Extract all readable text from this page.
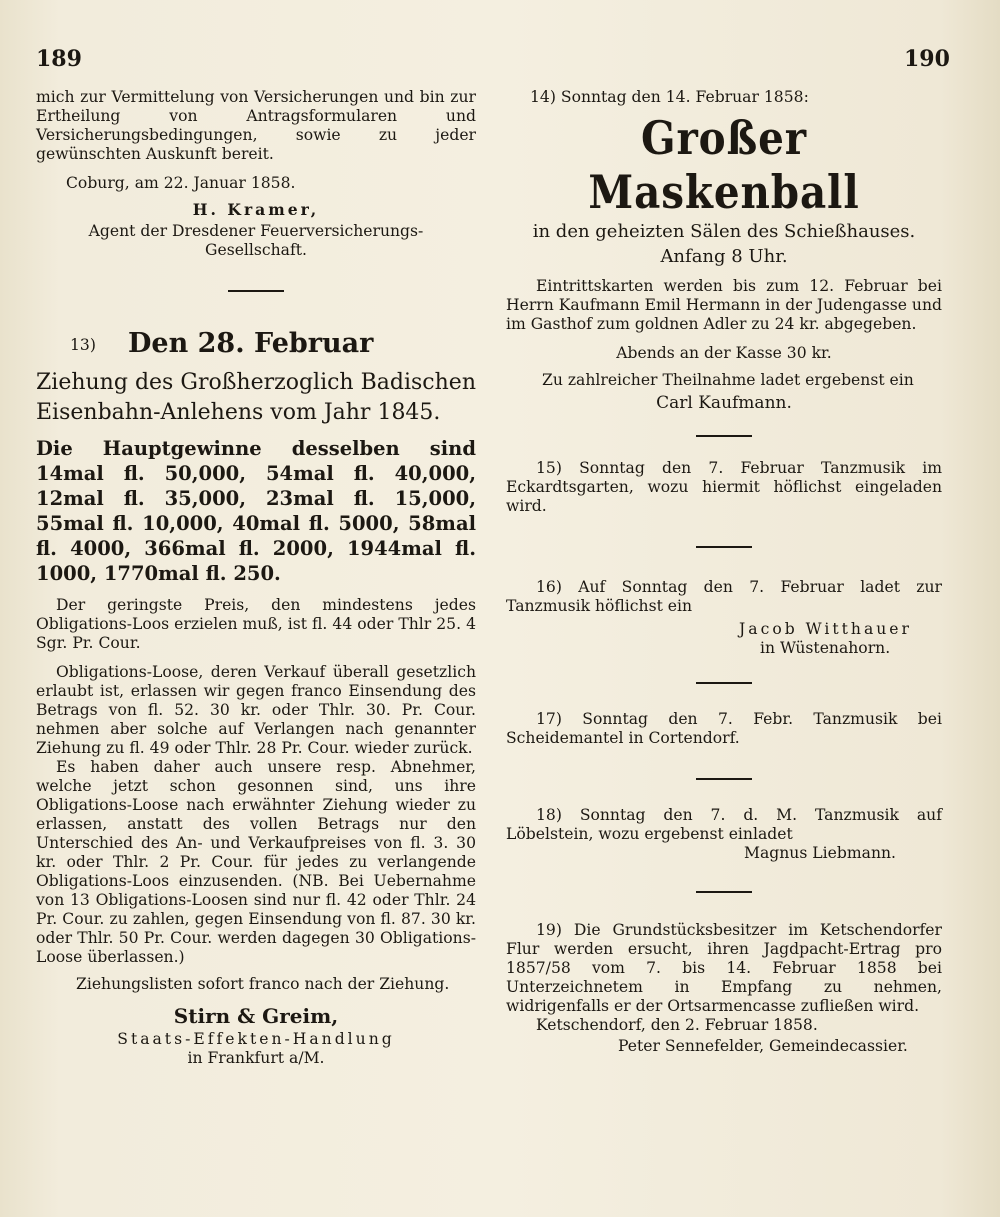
189	190

mich zur Vermittelung von Versicherungen und bin zur Ertheilung von Antragsformularen und Versicherungsbedingungen, sowie zu jeder gewünschten Auskunft bereit.

Coburg, am 22. Januar 1858.

H. Kramer,

Agent der Dresdener Feuerversicherungs-Gesellschaft.

13) Den 28. Februar

Ziehung des Großherzoglich Badischen Eisenbahn-Anlehens vom Jahr 1845.

Die Hauptgewinne desselben sind 14mal fl. 50,000, 54mal fl. 40,000, 12mal fl. 35,000, 23mal fl. 15,000, 55mal fl. 10,000, 40mal fl. 5000, 58mal fl. 4000, 366mal fl. 2000, 1944mal fl. 1000, 1770mal fl. 250.

Der geringste Preis, den mindestens jedes Obligations-Loos erzielen muß, ist fl. 44 oder Thlr 25. 4 Sgr. Pr. Cour.

Obligations-Loose, deren Verkauf überall gesetzlich erlaubt ist, erlassen wir gegen franco Einsendung des Betrags von fl. 52. 30 kr. oder Thlr. 30. Pr. Cour. nehmen aber solche auf Verlangen nach genannter Ziehung zu fl. 49 oder Thlr. 28 Pr. Cour. wieder zurück.

Es haben daher auch unsere resp. Abnehmer, welche jetzt schon gesonnen sind, uns ihre Obligations-Loose nach erwähnter Ziehung wieder zu erlassen, anstatt des vollen Betrags nur den Unterschied des An- und Verkaufpreises von fl. 3. 30 kr. oder Thlr. 2 Pr. Cour. für jedes zu verlangende Obligations-Loos einzusenden. (NB. Bei Uebernahme von 13 Obligations-Loosen sind nur fl. 42 oder Thlr. 24 Pr. Cour. zu zahlen, gegen Einsendung von fl. 87. 30 kr. oder Thlr. 50 Pr. Cour. werden dagegen 30 Obligations-Loose überlassen.)

Ziehungslisten sofort franco nach der Ziehung.

Stirn & Greim,

Staats-Effekten-Handlung

in Frankfurt a/M.

14) Sonntag den 14. Februar 1858:

Großer Maskenball

in den geheizten Sälen des Schießhauses.

Anfang 8 Uhr.

Eintrittskarten werden bis zum 12. Februar bei Herrn Kaufmann Emil Hermann in der Judengasse und im Gasthof zum goldnen Adler zu 24 kr. abgegeben.

Abends an der Kasse 30 kr.

Zu zahlreicher Theilnahme ladet ergebenst ein

Carl Kaufmann.

15) Sonntag den 7. Februar Tanzmusik im Eckardtsgarten, wozu hiermit höflichst eingeladen wird.

16) Auf Sonntag den 7. Februar ladet zur Tanzmusik höflichst ein

Jacob Witthauer

in Wüstenahorn.

17) Sonntag den 7. Febr. Tanzmusik bei Scheidemantel in Cortendorf.

18) Sonntag den 7. d. M. Tanzmusik auf Löbelstein, wozu ergebenst einladet

Magnus Liebmann.

19) Die Grundstücksbesitzer im Ketschendorfer Flur werden ersucht, ihren Jagdpacht-Ertrag pro 1857/58 vom 7. bis 14. Februar 1858 bei Unterzeichnetem in Empfang zu nehmen, widrigenfalls er der Ortsarmencasse zufließen wird.

Ketschendorf, den 2. Februar 1858.

Peter Sennefelder, Gemeindecassier.
